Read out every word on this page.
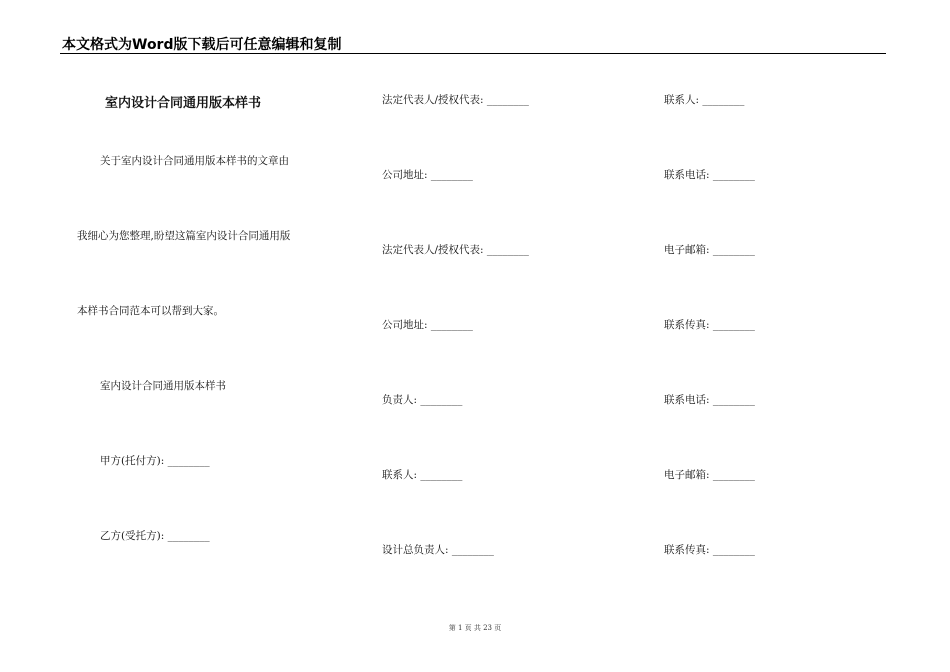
本文格式为Word版下载后可任意编辑和复制
室内设计合同通用版本样书
关于室内设计合同通用版本样书的文章由
我细心为您整理,盼望这篇室内设计合同通用版
本样书合同范本可以帮到大家。
室内设计合同通用版本样书
甲方(托付方): ________
乙方(受托方): ________
法定代表人/授权代表: ________
公司地址: ________
法定代表人/授权代表: ________
公司地址: ________
负责人: ________
联系人: ________
设计总负责人: ________
联系人: ________
联系电话: ________
电子邮箱: ________
联系传真: ________
联系电话: ________
电子邮箱: ________
联系传真: ________
第 1 页 共 23 页
